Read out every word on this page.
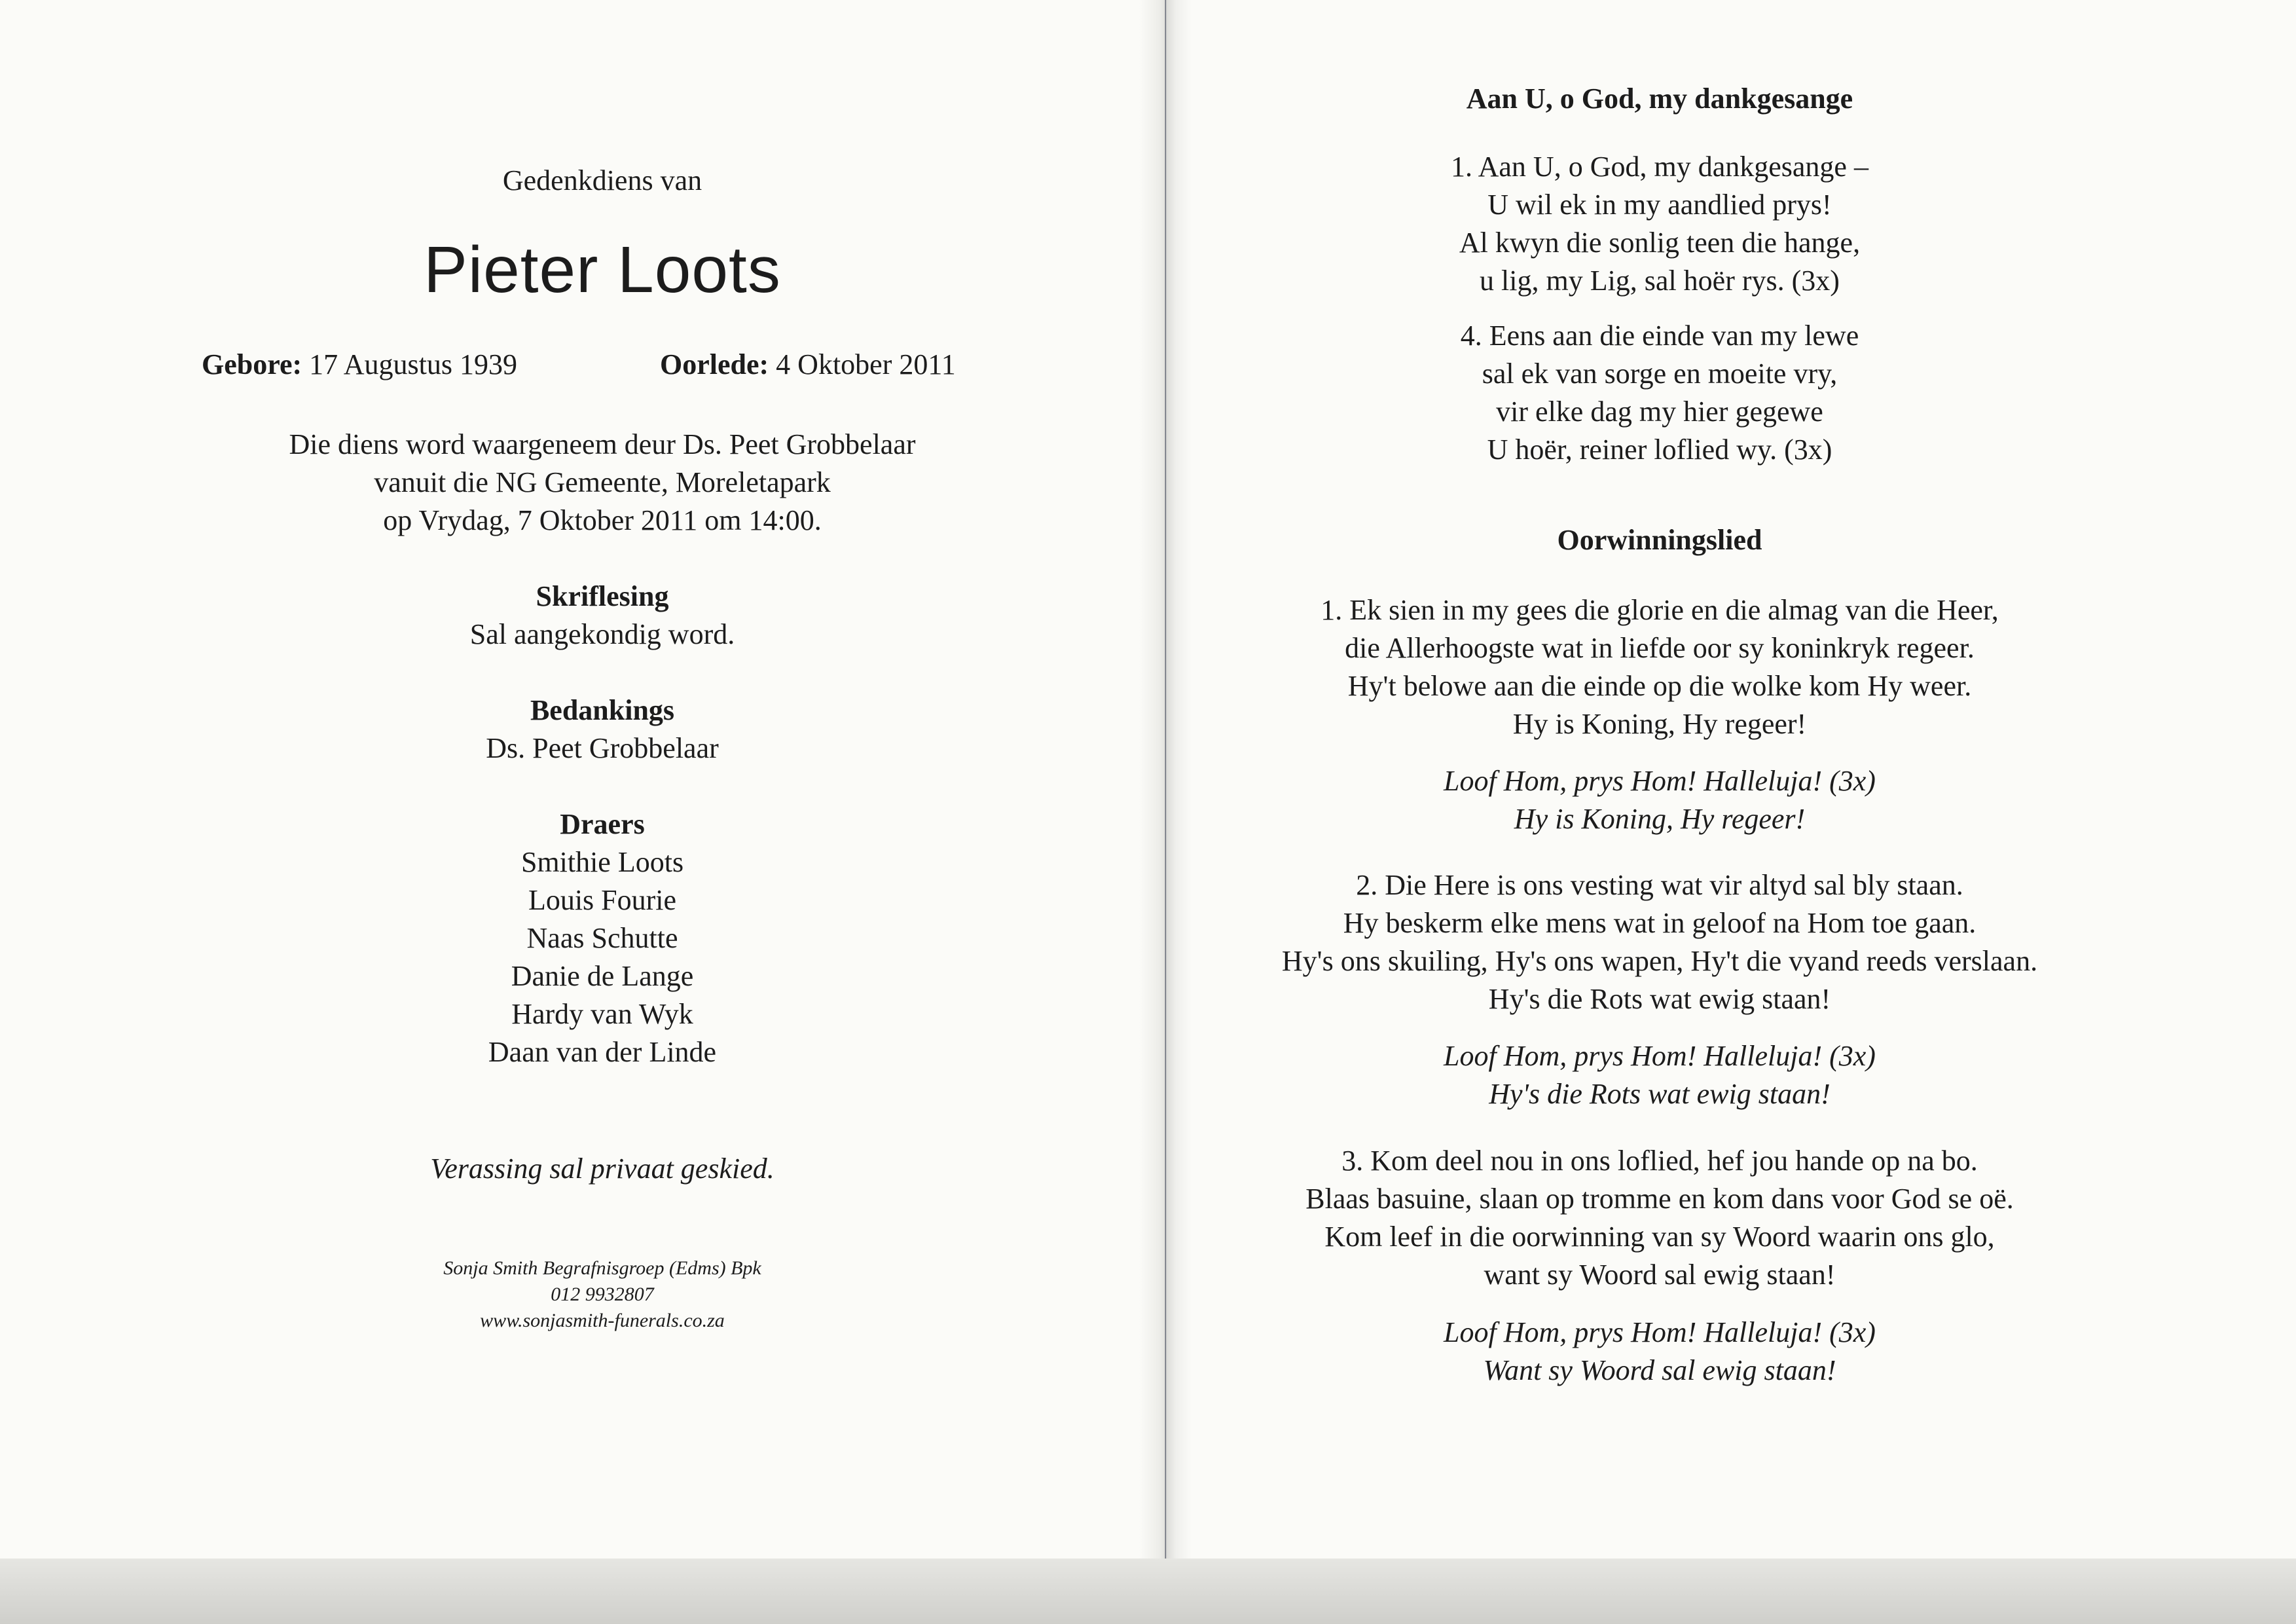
Gedenkdiens van
Pieter Loots
Gebore: 17 Augustus 1939	Oorlede: 4 Oktober 2011
Die diens word waargeneem deur Ds. Peet Grobbelaar
vanuit die NG Gemeente, Moreletapark
op Vrydag, 7 Oktober 2011 om 14:00.
Skriflesing
Sal aangekondig word.
Bedankings
Ds. Peet Grobbelaar
Draers
Smithie Loots
Louis Fourie
Naas Schutte
Danie de Lange
Hardy van Wyk
Daan van der Linde
Verassing sal privaat geskied.
Sonja Smith Begrafnisgroep (Edms) Bpk
012 9932807
www.sonjasmith-funerals.co.za
Aan U, o God, my dankgesange
1. Aan U, o God, my dankgesange –
U wil ek in my aandlied prys!
Al kwyn die sonlig teen die hange,
u lig, my Lig, sal hoër rys. (3x)
4. Eens aan die einde van my lewe
sal ek van sorge en moeite vry,
vir elke dag my hier gegewe
U hoër, reiner loflied wy. (3x)
Oorwinningslied
1. Ek sien in my gees die glorie en die almag van die Heer,
die Allerhoogste wat in liefde oor sy koninkryk regeer.
Hy't belowe aan die einde op die wolke kom Hy weer.
Hy is Koning, Hy regeer!
Loof Hom, prys Hom! Halleluja! (3x)
Hy is Koning, Hy regeer!
2. Die Here is ons vesting wat vir altyd sal bly staan.
Hy beskerm elke mens wat in geloof na Hom toe gaan.
Hy's ons skuiling, Hy's ons wapen, Hy't die vyand reeds verslaan.
Hy's die Rots wat ewig staan!
Loof Hom, prys Hom! Halleluja! (3x)
Hy's die Rots wat ewig staan!
3. Kom deel nou in ons loflied, hef jou hande op na bo.
Blaas basuine, slaan op tromme en kom dans voor God se oë.
Kom leef in die oorwinning van sy Woord waarin ons glo,
want sy Woord sal ewig staan!
Loof Hom, prys Hom! Halleluja! (3x)
Want sy Woord sal ewig staan!
